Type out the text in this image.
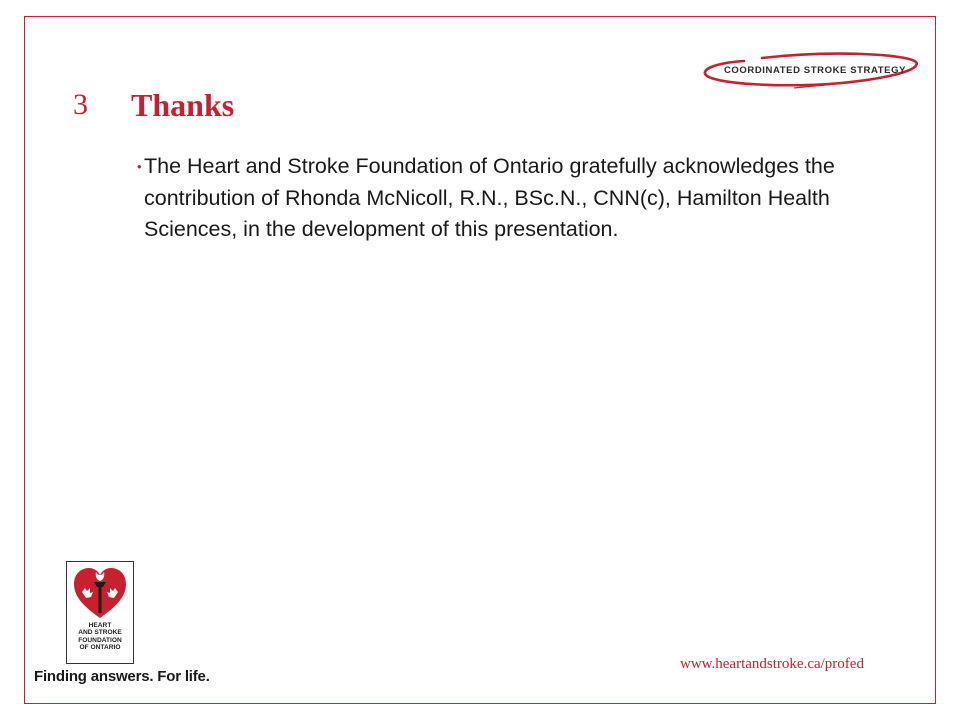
COORDINATED STROKE STRATEGY
3 Thanks
• The Heart and Stroke Foundation of Ontario gratefully acknowledges the contribution of Rhonda McNicoll, R.N., BSc.N., CNN(c), Hamilton Health Sciences, in the development of this presentation.
HEART
AND STROKE
FOUNDATION
OF ONTARIO
Finding answers. For life.
www.heartandstroke.ca/profed
